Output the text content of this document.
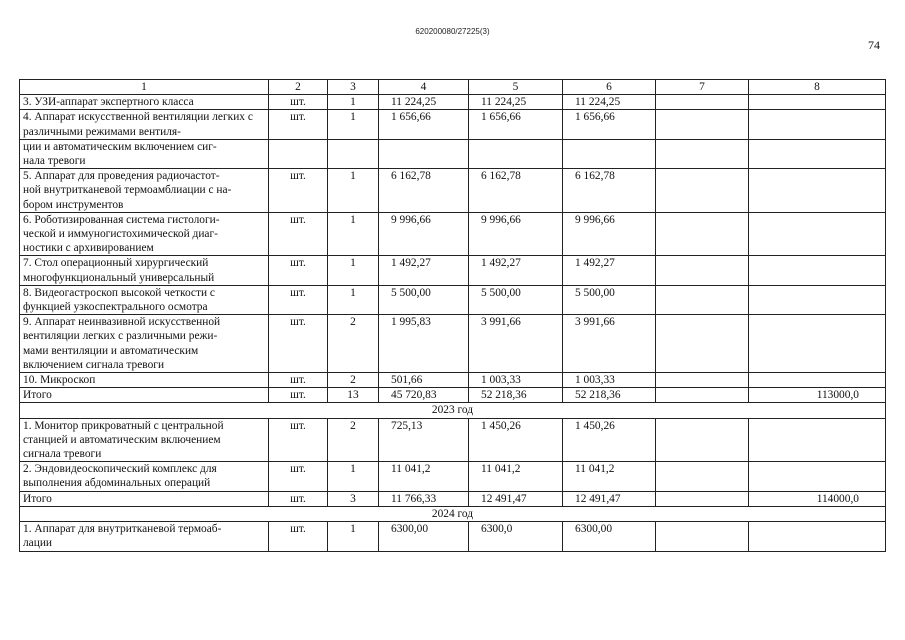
620200080/27225(3)
74
1	2	3	4	5	6	7	8
3. УЗИ-аппарат экспертного класса	шт.	1	11 224,25	11 224,25	11 224,25		
4. Аппарат искусственной вентиляции легких с различными режимами вентиля-	шт.	1	1 656,66	1 656,66	1 656,66		
ции и автоматическим включением сиг-
нала тревоги							
5. Аппарат для проведения радиочастот-
ной внутритканевой термоамблиации с на-
бором инструментов	шт.	1	6 162,78	6 162,78	6 162,78		
6. Роботизированная система гистологи-
ческой и иммуногистохимической диаг-
ностики с архивированием	шт.	1	9 996,66	9 996,66	9 996,66		
7. Стол операционный хирургический
многофункциональный универсальный	шт.	1	1 492,27	1 492,27	1 492,27		
8. Видеогастроскоп высокой четкости с
функцией узкоспектрального осмотра	шт.	1	5 500,00	5 500,00	5 500,00		
9. Аппарат неинвазивной искусственной
вентиляции легких с различными режи-
мами вентиляции и автоматическим
включением сигнала тревоги	шт.	2	1 995,83	3 991,66	3 991,66		
10. Микроскоп	шт.	2	501,66	1 003,33	1 003,33		
Итого	шт.	13	45 720,83	52 218,36	52 218,36		113000,0
2023 год							
1. Монитор прикроватный с центральной
станцией и автоматическим включением
сигнала тревоги	шт.	2	725,13	1 450,26	1 450,26		
2. Эндовидеоскопический комплекс для
выполнения абдоминальных операций	шт.	1	11 041,2	11 041,2	11 041,2		
Итого	шт.	3	11 766,33	12 491,47	12 491,47		114000,0
2024 год							
1. Аппарат для внутритканевой термоаб-
лации	шт.	1	6300,00	6300,0	6300,00		
